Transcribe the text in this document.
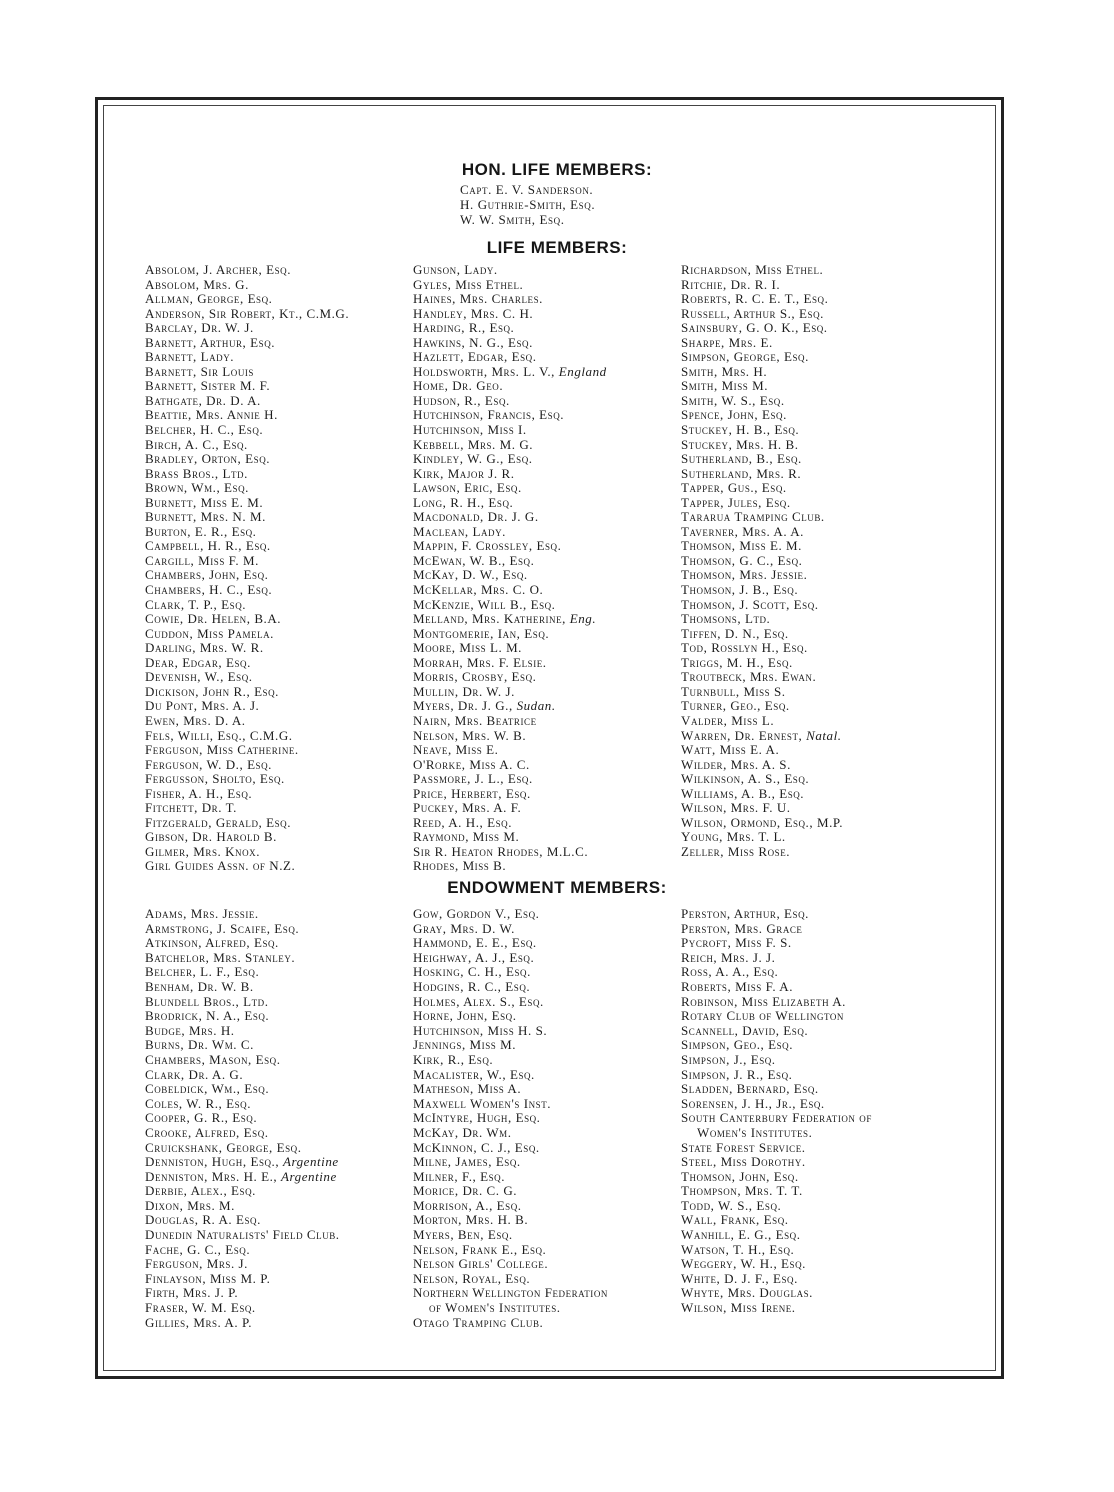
HON. LIFE MEMBERS:
Capt. E. V. Sanderson.
H. Guthrie-Smith, Esq.
W. W. Smith, Esq.
LIFE MEMBERS:
Absolom, J. Archer, Esq.
Absolom, Mrs. G.
Allman, George, Esq.
Anderson, Sir Robert, Kt., C.M.G.
Barclay, Dr. W. J.
Barnett, Arthur, Esq.
Barnett, Lady.
Barnett, Sir Louis
Barnett, Sister M. F.
Bathgate, Dr. D. A.
Beattie, Mrs. Annie H.
Belcher, H. C., Esq.
Birch, A. C., Esq.
Bradley, Orton, Esq.
Brass Bros., Ltd.
Brown, Wm., Esq.
Burnett, Miss E. M.
Burnett, Mrs. N. M.
Burton, E. R., Esq.
Campbell, H. R., Esq.
Cargill, Miss F. M.
Chambers, John, Esq.
Chambers, H. C., Esq.
Clark, T. P., Esq.
Cowie, Dr. Helen, B.A.
Cuddon, Miss Pamela.
Darling, Mrs. W. R.
Dear, Edgar, Esq.
Devenish, W., Esq.
Dickison, John R., Esq.
Du Pont, Mrs. A. J.
Ewen, Mrs. D. A.
Fels, Willi, Esq., C.M.G.
Ferguson, Miss Catherine.
Ferguson, W. D., Esq.
Fergusson, Sholto, Esq.
Fisher, A. H., Esq.
Fitchett, Dr. T.
Fitzgerald, Gerald, Esq.
Gibson, Dr. Harold B.
Gilmer, Mrs. Knox.
Girl Guides Assn. of N.Z.
Gunson, Lady.
Gyles, Miss Ethel.
Haines, Mrs. Charles.
Handley, Mrs. C. H.
Harding, R., Esq.
Hawkins, N. G., Esq.
Hazlett, Edgar, Esq.
Holdsworth, Mrs. L. V., England
Home, Dr. Geo.
Hudson, R., Esq.
Hutchinson, Francis, Esq.
Hutchinson, Miss I.
Kebbell, Mrs. M. G.
Kindley, W. G., Esq.
Kirk, Major J. R.
Lawson, Eric, Esq.
Long, R. H., Esq.
Macdonald, Dr. J. G.
Maclean, Lady.
Mappin, F. Crossley, Esq.
McEwan, W. B., Esq.
McKay, D. W., Esq.
McKellar, Mrs. C. O.
McKenzie, Will B., Esq.
Melland, Mrs. Katherine, Eng.
Montgomerie, Ian, Esq.
Moore, Miss L. M.
Morrah, Mrs. F. Elsie.
Morris, Crosby, Esq.
Mullin, Dr. W. J.
Myers, Dr. J. G., Sudan.
Nairn, Mrs. Beatrice
Nelson, Mrs. W. B.
Neave, Miss E.
O'Rorke, Miss A. C.
Passmore, J. L., Esq.
Price, Herbert, Esq.
Puckey, Mrs. A. F.
Reed, A. H., Esq.
Raymond, Miss M.
Sir R. Heaton Rhodes, M.L.C.
Rhodes, Miss B.
Richardson, Miss Ethel.
Ritchie, Dr. R. I.
Roberts, R. C. E. T., Esq.
Russell, Arthur S., Esq.
Sainsbury, G. O. K., Esq.
Sharpe, Mrs. E.
Simpson, George, Esq.
Smith, Mrs. H.
Smith, Miss M.
Smith, W. S., Esq.
Spence, John, Esq.
Stuckey, H. B., Esq.
Stuckey, Mrs. H. B.
Sutherland, B., Esq.
Sutherland, Mrs. R.
Tapper, Gus., Esq.
Tapper, Jules, Esq.
Tararua Tramping Club.
Taverner, Mrs. A. A.
Thomson, Miss E. M.
Thomson, G. C., Esq.
Thomson, Mrs. Jessie.
Thomson, J. B., Esq.
Thomson, J. Scott, Esq.
Thomsons, Ltd.
Tiffen, D. N., Esq.
Tod, Rosslyn H., Esq.
Triggs, M. H., Esq.
Troutbeck, Mrs. Ewan.
Turnbull, Miss S.
Turner, Geo., Esq.
Valder, Miss L.
Warren, Dr. Ernest, Natal.
Watt, Miss E. A.
Wilder, Mrs. A. S.
Wilkinson, A. S., Esq.
Williams, A. B., Esq.
Wilson, Mrs. F. U.
Wilson, Ormond, Esq., M.P.
Young, Mrs. T. L.
Zeller, Miss Rose.
ENDOWMENT MEMBERS:
Adams, Mrs. Jessie.
Armstrong, J. Scaife, Esq.
Atkinson, Alfred, Esq.
Batchelor, Mrs. Stanley.
Belcher, L. F., Esq.
Benham, Dr. W. B.
Blundell Bros., Ltd.
Brodrick, N. A., Esq.
Budge, Mrs. H.
Burns, Dr. Wm. C.
Chambers, Mason, Esq.
Clark, Dr. A. G.
Cobeldick, Wm., Esq.
Coles, W. R., Esq.
Cooper, G. R., Esq.
Crooke, Alfred, Esq.
Cruickshank, George, Esq.
Denniston, Hugh, Esq., Argentine
Denniston, Mrs. H. E., Argentine
Derbie, Alex., Esq.
Dixon, Mrs. M.
Douglas, R. A. Esq.
Dunedin Naturalists' Field Club.
Fache, G. C., Esq.
Ferguson, Mrs. J.
Finlayson, Miss M. P.
Firth, Mrs. J. P.
Fraser, W. M. Esq.
Gillies, Mrs. A. P.
Gow, Gordon V., Esq.
Gray, Mrs. D. W.
Hammond, E. E., Esq.
Heighway, A. J., Esq.
Hosking, C. H., Esq.
Hodgins, R. C., Esq.
Holmes, Alex. S., Esq.
Horne, John, Esq.
Hutchinson, Miss H. S.
Jennings, Miss M.
Kirk, R., Esq.
Macalister, W., Esq.
Matheson, Miss A.
Maxwell Women's Inst.
McIntyre, Hugh, Esq.
McKay, Dr. Wm.
McKinnon, C. J., Esq.
Milne, James, Esq.
Milner, F., Esq.
Morice, Dr. C. G.
Morrison, A., Esq.
Morton, Mrs. H. B.
Myers, Ben, Esq.
Nelson, Frank E., Esq.
Nelson Girls' College.
Nelson, Royal, Esq.
Northern Wellington Federation
of Women's Institutes.
Otago Tramping Club.
Perston, Arthur, Esq.
Perston, Mrs. Grace
Pycroft, Miss F. S.
Reich, Mrs. J. J.
Ross, A. A., Esq.
Roberts, Miss F. A.
Robinson, Miss Elizabeth A.
Rotary Club of Wellington
Scannell, David, Esq.
Simpson, Geo., Esq.
Simpson, J., Esq.
Simpson, J. R., Esq.
Sladden, Bernard, Esq.
Sorensen, J. H., Jr., Esq.
South Canterbury Federation of
Women's Institutes.
State Forest Service.
Steel, Miss Dorothy.
Thomson, John, Esq.
Thompson, Mrs. T. T.
Todd, W. S., Esq.
Wall, Frank, Esq.
Wanhill, E. G., Esq.
Watson, T. H., Esq.
Weggery, W. H., Esq.
White, D. J. F., Esq.
Whyte, Mrs. Douglas.
Wilson, Miss Irene.
